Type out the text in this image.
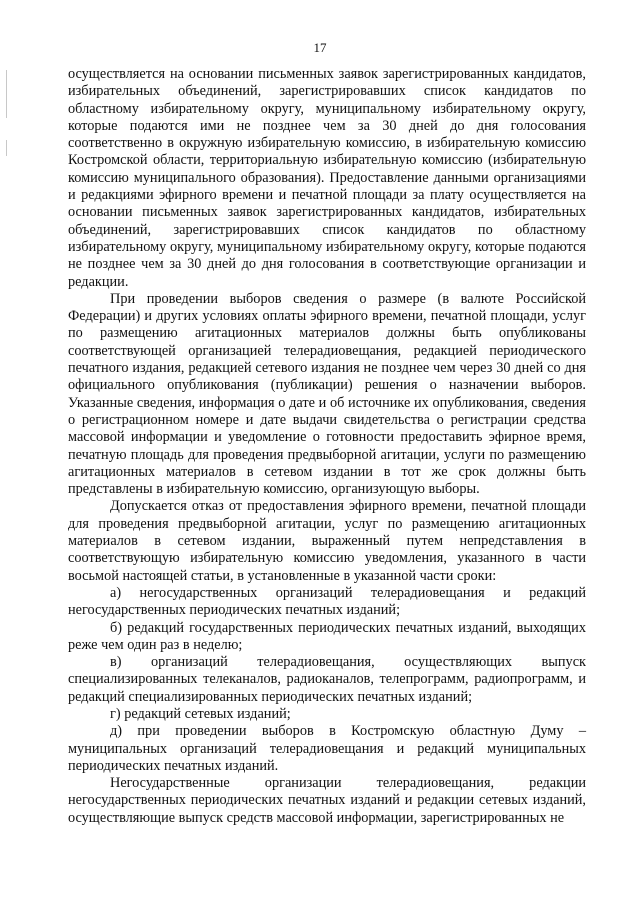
17

осуществляется на основании письменных заявок зарегистрированных кандидатов, избирательных объединений, зарегистрировавших список кандидатов по областному избирательному округу, муниципальному избирательному округу, которые подаются ими не позднее чем за 30 дней до дня голосования соответственно в окружную избирательную комиссию, в избирательную комиссию Костромской области, территориальную избирательную комиссию (избирательную комиссию муниципального образования). Предоставление данными организациями и редакциями эфирного времени и печатной площади за плату осуществляется на основании письменных заявок зарегистрированных кандидатов, избирательных объединений, зарегистрировавших список кандидатов по областному избирательному округу, муниципальному избирательному округу, которые подаются не позднее чем за 30 дней до дня голосования в соответствующие организации и редакции.

При проведении выборов сведения о размере (в валюте Российской Федерации) и других условиях оплаты эфирного времени, печатной площади, услуг по размещению агитационных материалов должны быть опубликованы соответствующей организацией телерадиовещания, редакцией периодического печатного издания, редакцией сетевого издания не позднее чем через 30 дней со дня официального опубликования (публикации) решения о назначении выборов. Указанные сведения, информация о дате и об источнике их опубликования, сведения о регистрационном номере и дате выдачи свидетельства о регистрации средства массовой информации и уведомление о готовности предоставить эфирное время, печатную площадь для проведения предвыборной агитации, услуги по размещению агитационных материалов в сетевом издании в тот же срок должны быть представлены в избирательную комиссию, организующую выборы.

Допускается отказ от предоставления эфирного времени, печатной площади для проведения предвыборной агитации, услуг по размещению агитационных материалов в сетевом издании, выраженный путем непредставления в соответствующую избирательную комиссию уведомления, указанного в части восьмой настоящей статьи, в установленные в указанной части сроки:

а) негосударственных организаций телерадиовещания и редакций негосударственных периодических печатных изданий;

б) редакций государственных периодических печатных изданий, выходящих реже чем один раз в неделю;

в) организаций телерадиовещания, осуществляющих выпуск специализированных телеканалов, радиоканалов, телепрограмм, радиопрограмм, и редакций специализированных периодических печатных изданий;

г) редакций сетевых изданий;

д) при проведении выборов в Костромскую областную Думу – муниципальных организаций телерадиовещания и редакций муниципальных периодических печатных изданий.

Негосударственные организации телерадиовещания, редакции негосударственных периодических печатных изданий и редакции сетевых изданий, осуществляющие выпуск средств массовой информации, зарегистрированных не
